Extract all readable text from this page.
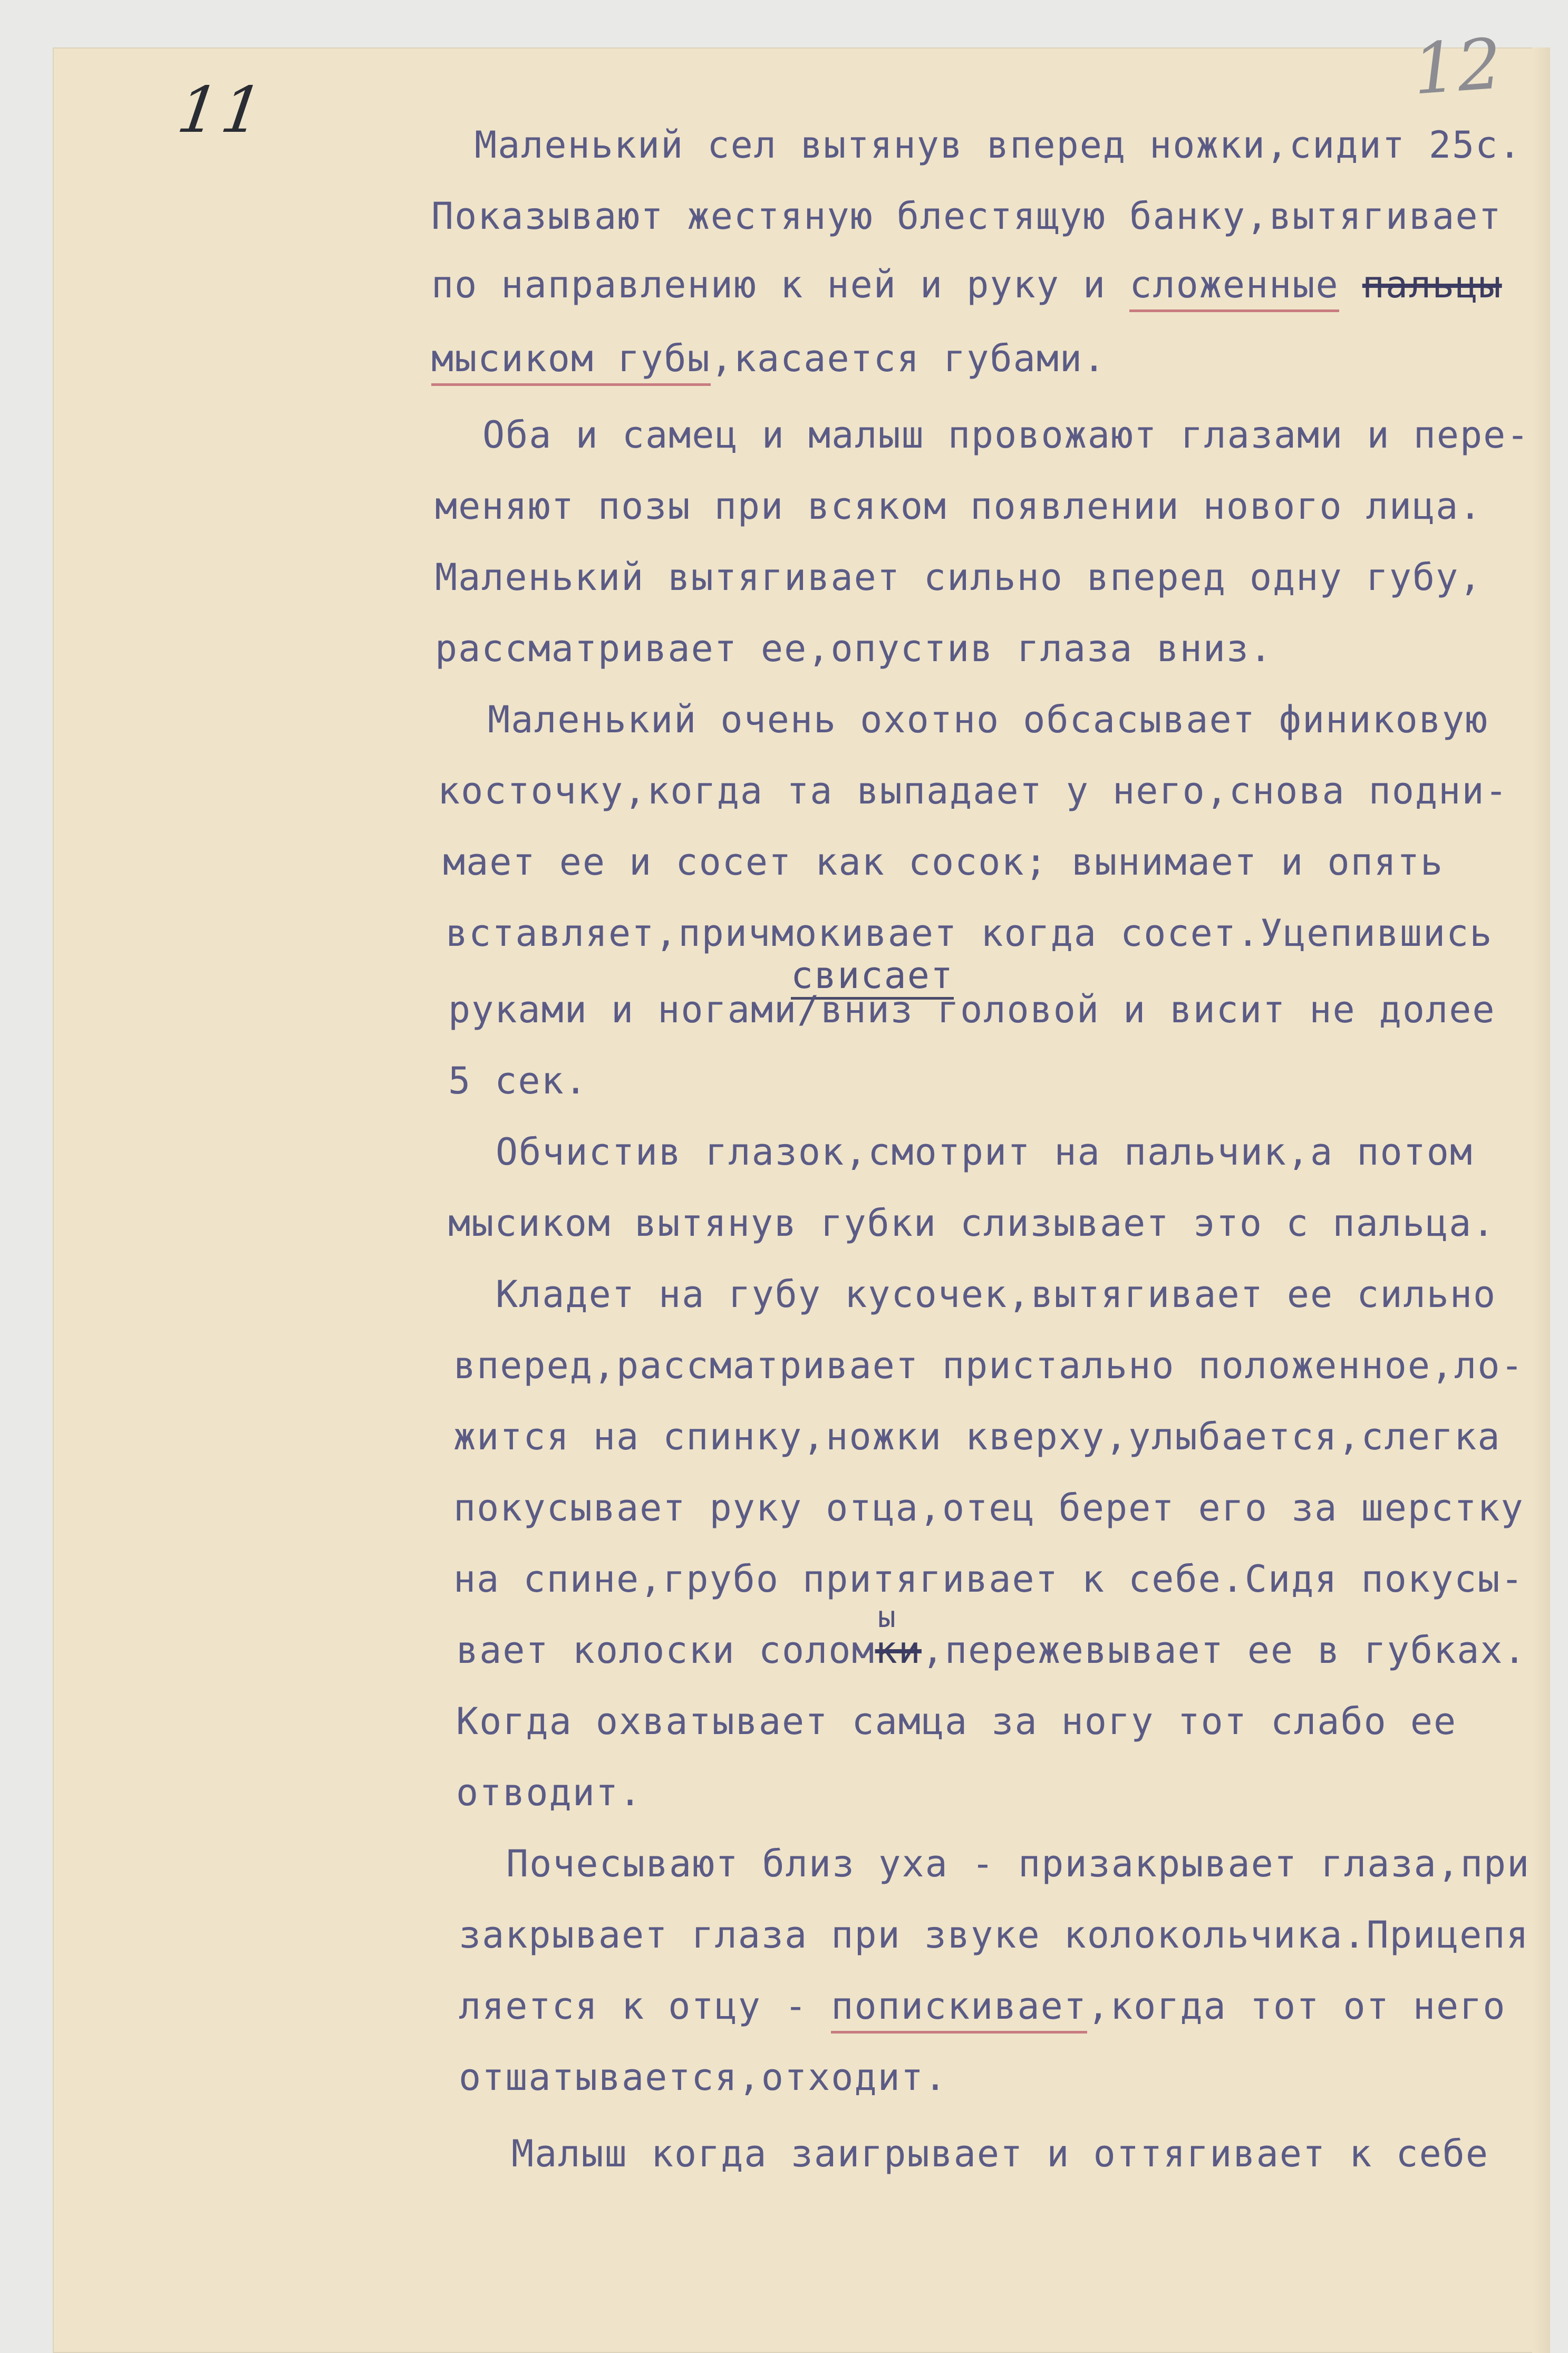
11	12
Маленький сел вытянув вперед ножки,сидит 25с.
Показывают жестяную блестящую банку,вытягивает
по направлению к ней и руку и сложенные пальцы
мысиком губы,касается губами.
Оба и самец и малыш провожают глазами и пере-
меняют позы при всяком появлении нового лица.
Маленький вытягивает сильно вперед одну губу,
рассматривает ее,опустив глаза вниз.
Маленький очень охотно обсасывает финиковую
косточку,когда та выпадает у него,снова подни-
мает ее и сосет как сосок; вынимает и опять
вставляет,причмокивает когда сосет.Уцепившись
свисает
руками и ногами/вниз головой и висит не долее
5 сек.
Обчистив глазок,смотрит на пальчик,а потом
мысиком вытянув губки слизывает это с пальца.
Кладет на губу кусочек,вытягивает ее сильно
вперед,рассматривает пристально положенное,ло-
жится на спинку,ножки кверху,улыбается,слегка
покусывает руку отца,отец берет его за шерстку
на спине,грубо притягивает к себе.Сидя покусы-
ы
вает колоски соломки,пережевывает ее в губках.
Когда охватывает самца за ногу тот слабо ее
отводит.
Почесывают близ уха - призакрывает глаза,при
закрывает глаза при звуке колокольчика.Прицепя
ляется к отцу - попискивает,когда тот от него
отшатывается,отходит.
Малыш когда заигрывает и оттягивает к себе
